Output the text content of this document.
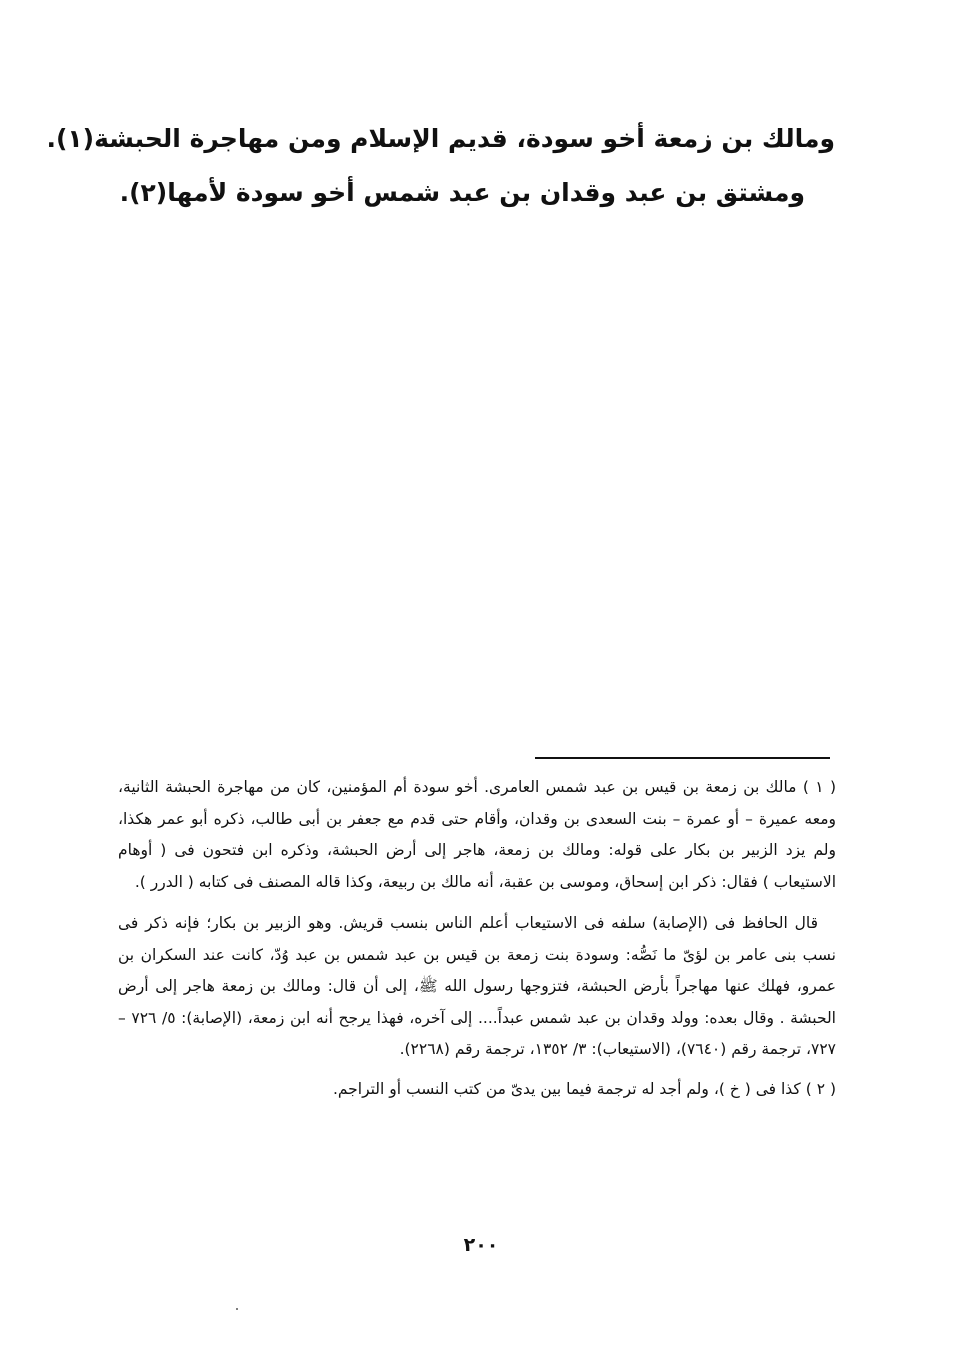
ومالك بن زمعة أخو سودة، قديم الإسلام ومن مهاجرة الحبشة(١).

ومشتق بن عبد وقدان بن عبد شمس أخو سودة لأمها(٢).

( ١ ) مالك بن زمعة بن قيس بن عبد شمس العامرى. أخو سودة أم المؤمنين، كان من مهاجرة الحبشة الثانية، ومعه عميرة – أو عمرة – بنت السعدى بن وقدان، وأقام حتى قدم مع جعفر بن أبى طالب، ذكره أبو عمر هكذا، ولم يزد الزبير بن بكار على قوله: ومالك بن زمعة، هاجر إلى أرض الحبشة، وذكره ابن فتحون فى ( أوهام الاستيعاب ) فقال: ذكر ابن إسحاق، وموسى بن عقبة، أنه مالك بن ربيعة، وكذا قاله المصنف فى كتابه ( الدرر ).

قال الحافظ فى (الإصابة) سلفه فى الاستيعاب أعلم الناس بنسب قريش. وهو الزبير بن بكار؛ فإنه ذكر فى نسب بنى عامر بن لؤىّ ما نَصُّه: وسودة بنت زمعة بن قيس بن عبد شمس بن عبد وُدّ، كانت عند السكران بن عمرو، فهلك عنها مهاجراً بأرض الحبشة، فتزوجها رسول الله ﷺ، إلى أن قال: ومالك بن زمعة هاجر إلى أرض الحبشة . وقال بعده: وولد وقدان بن عبد شمس عبداً.... إلى آخره، فهذا يرجح أنه ابن زمعة، (الإصابة): ٥/ ٧٢٦ – ٧٢٧، ترجمة رقم (٧٦٤٠)، (الاستيعاب): ٣/ ١٣٥٢، ترجمة رقم (٢٢٦٨).

( ٢ ) كذا فى ( خ )، ولم أجد له ترجمة فيما بين يدىّ من كتب النسب أو التراجم.

٢٠٠
